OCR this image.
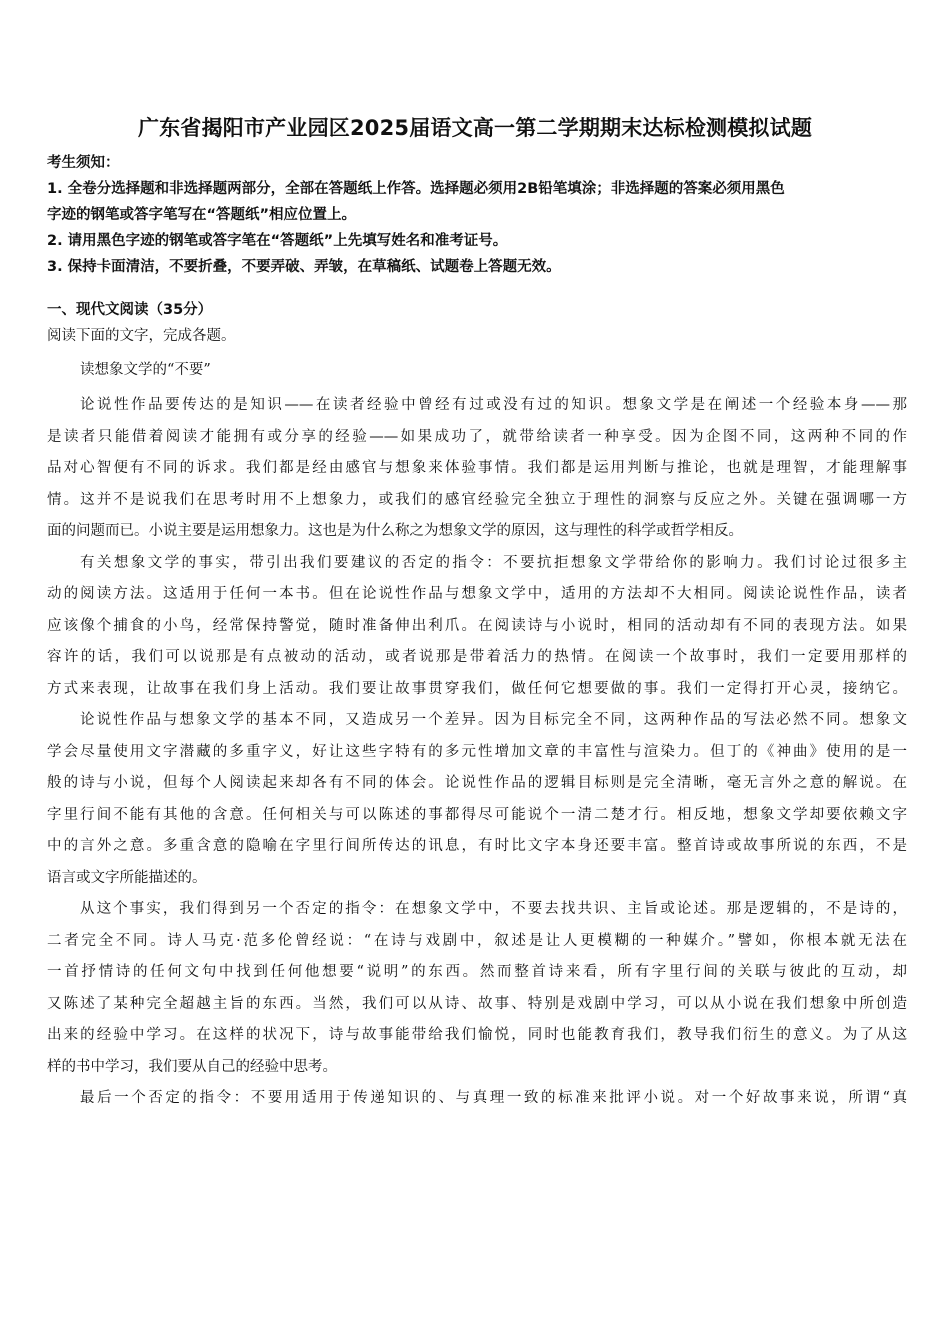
广东省揭阳市产业园区2025届语文高一第二学期期末达标检测模拟试题
考生须知：
1. 全卷分选择题和非选择题两部分，全部在答题纸上作答。选择题必须用2B铅笔填涂；非选择题的答案必须用黑色
字迹的钢笔或答字笔写在“答题纸”相应位置上。
2. 请用黑色字迹的钢笔或答字笔在“答题纸”上先填写姓名和准考证号。
3. 保持卡面清洁，不要折叠，不要弄破、弄皱，在草稿纸、试题卷上答题无效。
一、现代文阅读（35分）
阅读下面的文字，完成各题。
读想象文学的“不要”
论说性作品要传达的是知识——在读者经验中曾经有过或没有过的知识。想象文学是在阐述一个经验本身——那
是读者只能借着阅读才能拥有或分享的经验——如果成功了，就带给读者一种享受。因为企图不同，这两种不同的作
品对心智便有不同的诉求。我们都是经由感官与想象来体验事情。我们都是运用判断与推论，也就是理智，才能理解事
情。这并不是说我们在思考时用不上想象力，或我们的感官经验完全独立于理性的洞察与反应之外。关键在强调哪一方
面的问题而已。小说主要是运用想象力。这也是为什么称之为想象文学的原因，这与理性的科学或哲学相反。
有关想象文学的事实，带引出我们要建议的否定的指令：不要抗拒想象文学带给你的影响力。我们讨论过很多主
动的阅读方法。这适用于任何一本书。但在论说性作品与想象文学中，适用的方法却不大相同。阅读论说性作品，读者
应该像个捕食的小鸟，经常保持警觉，随时准备伸出利爪。在阅读诗与小说时，相同的活动却有不同的表现方法。如果
容许的话，我们可以说那是有点被动的活动，或者说那是带着活力的热情。在阅读一个故事时，我们一定要用那样的
方式来表现，让故事在我们身上活动。我们要让故事贯穿我们，做任何它想要做的事。我们一定得打开心灵，接纳它。
论说性作品与想象文学的基本不同，又造成另一个差异。因为目标完全不同，这两种作品的写法必然不同。想象文
学会尽量使用文字潜藏的多重字义，好让这些字特有的多元性增加文章的丰富性与渲染力。但丁的《神曲》使用的是一
般的诗与小说，但每个人阅读起来却各有不同的体会。论说性作品的逻辑目标则是完全清晰，毫无言外之意的解说。在
字里行间不能有其他的含意。任何相关与可以陈述的事都得尽可能说个一清二楚才行。相反地，想象文学却要依赖文字
中的言外之意。多重含意的隐喻在字里行间所传达的讯息，有时比文字本身还要丰富。整首诗或故事所说的东西，不是
语言或文字所能描述的。
从这个事实，我们得到另一个否定的指令：在想象文学中，不要去找共识、主旨或论述。那是逻辑的，不是诗的，
二者完全不同。诗人马克·范多伦曾经说：“在诗与戏剧中，叙述是让人更模糊的一种媒介。”譬如，你根本就无法在
一首抒情诗的任何文句中找到任何他想要“说明”的东西。然而整首诗来看，所有字里行间的关联与彼此的互动，却
又陈述了某种完全超越主旨的东西。当然，我们可以从诗、故事、特别是戏剧中学习，可以从小说在我们想象中所创造
出来的经验中学习。在这样的状况下，诗与故事能带给我们愉悦，同时也能教育我们，教导我们衍生的意义。为了从这
样的书中学习，我们要从自己的经验中思考。
最后一个否定的指令：不要用适用于传递知识的、与真理一致的标准来批评小说。对一个好故事来说，所谓“真
